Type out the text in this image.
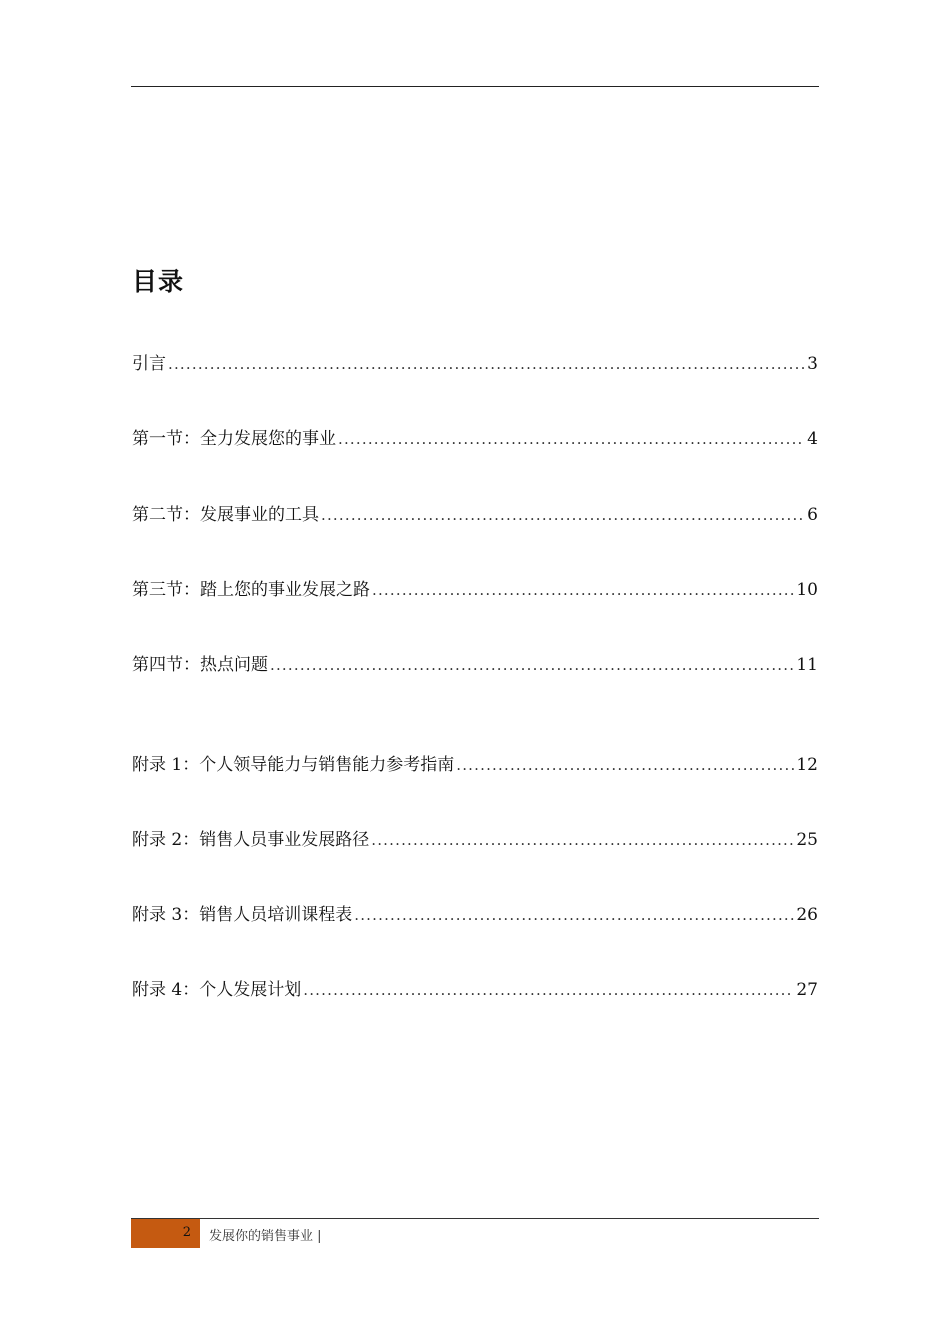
目录
引言 .....	3
第一节：全力发展您的事业 .....	4
第二节：发展事业的工具 .....	6
第三节：踏上您的事业发展之路 .....	10
第四节：热点问题 .....	11
附录 1：个人领导能力与销售能力参考指南 .....	12
附录 2：销售人员事业发展路径 .....	25
附录 3：销售人员培训课程表 .....	26
附录 4：个人发展计划 .....	27
2 发展你的销售事业 |
